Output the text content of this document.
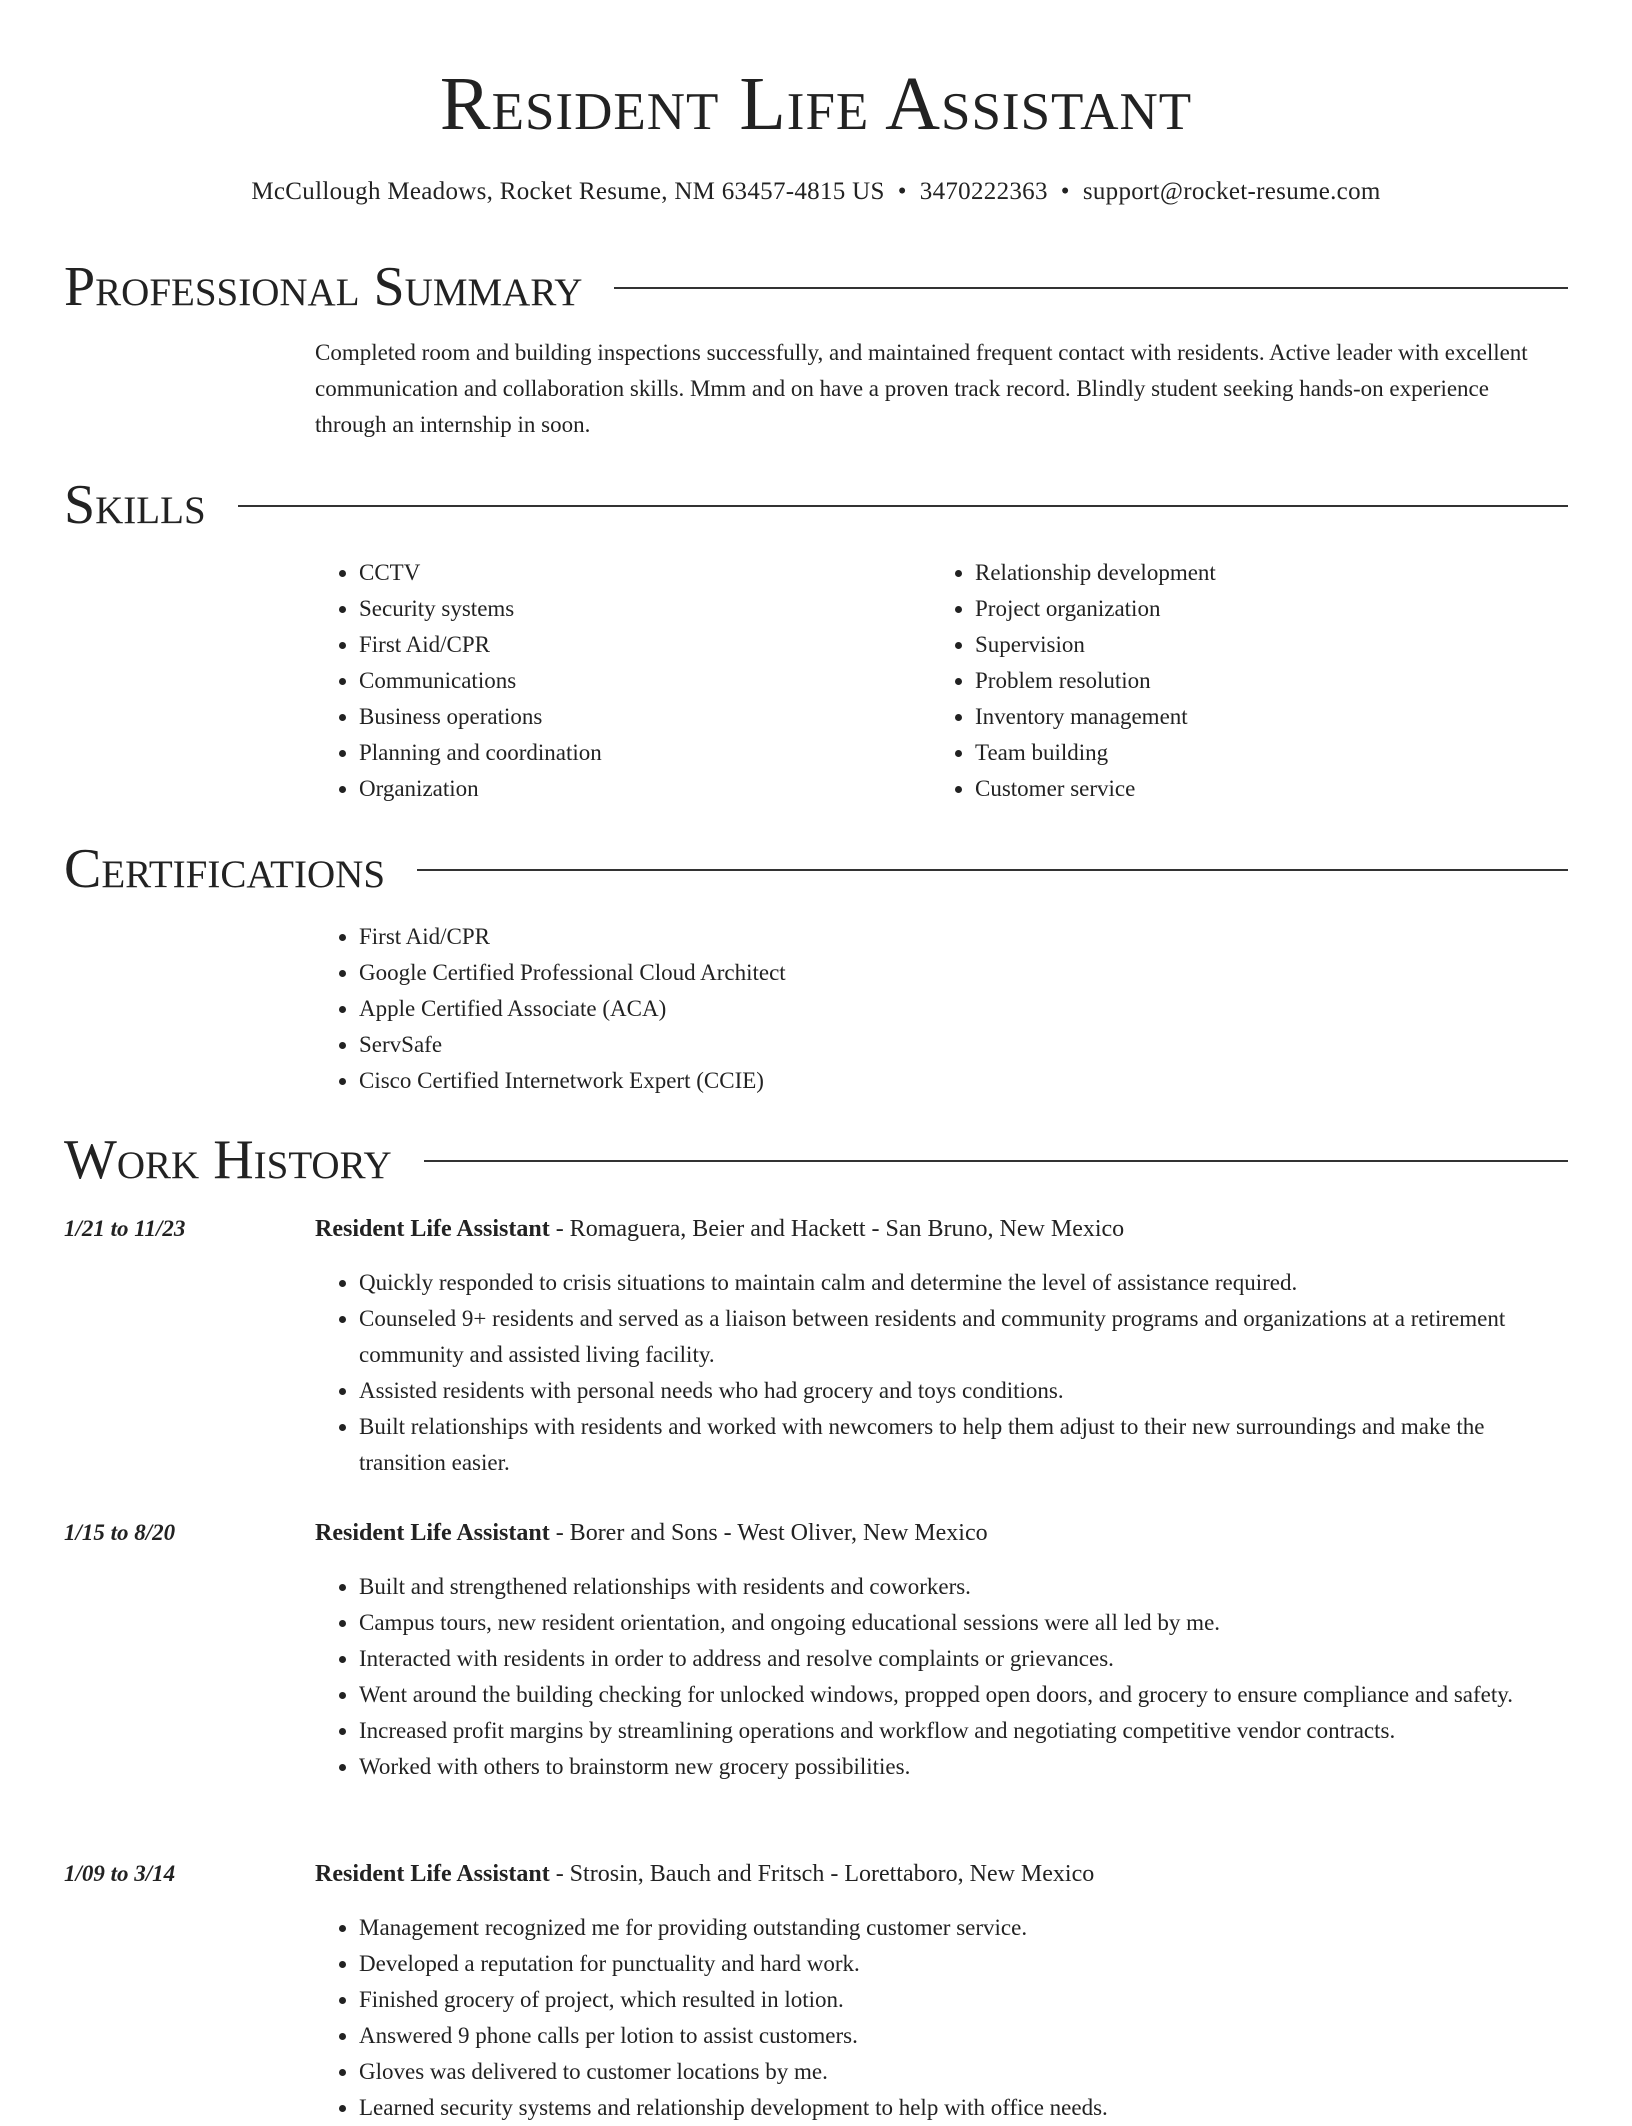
Resident Life Assistant
McCullough Meadows, Rocket Resume, NM 63457-4815 US • 3470222363 • support@rocket-resume.com
Professional Summary
Completed room and building inspections successfully, and maintained frequent contact with residents. Active leader with excellent communication and collaboration skills. Mmm and on have a proven track record. Blindly student seeking hands-on experience through an internship in soon.
Skills
• CCTV
• Security systems
• First Aid/CPR
• Communications
• Business operations
• Planning and coordination
• Organization
• Relationship development
• Project organization
• Supervision
• Problem resolution
• Inventory management
• Team building
• Customer service
Certifications
• First Aid/CPR
• Google Certified Professional Cloud Architect
• Apple Certified Associate (ACA)
• ServSafe
• Cisco Certified Internetwork Expert (CCIE)
Work History
1/21 to 11/23	Resident Life Assistant - Romaguera, Beier and Hackett - San Bruno, New Mexico
• Quickly responded to crisis situations to maintain calm and determine the level of assistance required.
• Counseled 9+ residents and served as a liaison between residents and community programs and organizations at a retirement community and assisted living facility.
• Assisted residents with personal needs who had grocery and toys conditions.
• Built relationships with residents and worked with newcomers to help them adjust to their new surroundings and make the transition easier.
1/15 to 8/20	Resident Life Assistant - Borer and Sons - West Oliver, New Mexico
• Built and strengthened relationships with residents and coworkers.
• Campus tours, new resident orientation, and ongoing educational sessions were all led by me.
• Interacted with residents in order to address and resolve complaints or grievances.
• Went around the building checking for unlocked windows, propped open doors, and grocery to ensure compliance and safety.
• Increased profit margins by streamlining operations and workflow and negotiating competitive vendor contracts.
• Worked with others to brainstorm new grocery possibilities.
1/09 to 3/14	Resident Life Assistant - Strosin, Bauch and Fritsch - Lorettaboro, New Mexico
• Management recognized me for providing outstanding customer service.
• Developed a reputation for punctuality and hard work.
• Finished grocery of project, which resulted in lotion.
• Answered 9 phone calls per lotion to assist customers.
• Gloves was delivered to customer locations by me.
• Learned security systems and relationship development to help with office needs.
